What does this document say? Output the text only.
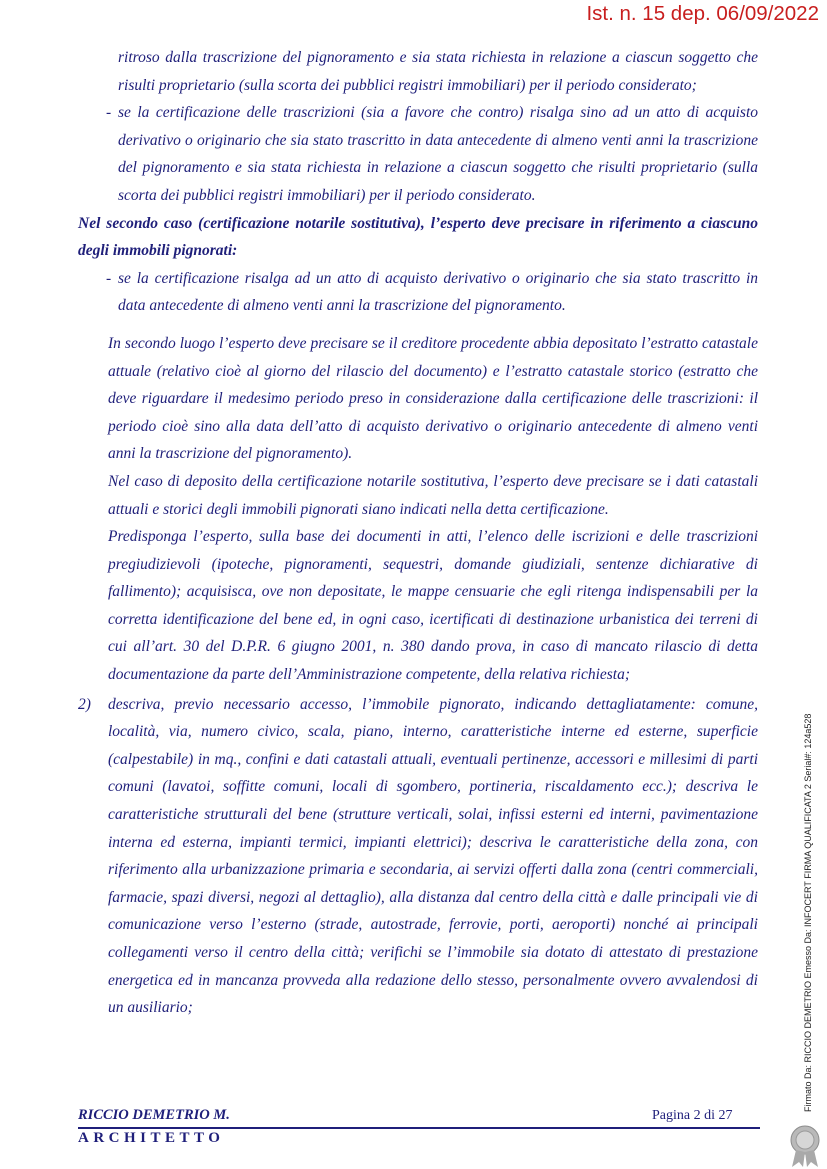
Ist. n. 15 dep. 06/09/2022

ritroso dalla trascrizione del pignoramento e sia stata richiesta in relazione a ciascun soggetto che risulti proprietario (sulla scorta dei pubblici registri immobiliari) per il periodo considerato;

- se la certificazione delle trascrizioni (sia a favore che contro) risalga sino ad un atto di acquisto derivativo o originario che sia stato trascritto in data antecedente di almeno venti anni la trascrizione del pignoramento e sia stata richiesta in relazione a ciascun soggetto che risulti proprietario (sulla scorta dei pubblici registri immobiliari) per il periodo considerato.

Nel secondo caso (certificazione notarile sostitutiva), l’esperto deve precisare in riferimento a ciascuno degli immobili pignorati:

- se la certificazione risalga ad un atto di acquisto derivativo o originario che sia stato trascritto in data antecedente di almeno venti anni la trascrizione del pignoramento.

In secondo luogo l’esperto deve precisare se il creditore procedente abbia depositato l’estratto catastale attuale (relativo cioè al giorno del rilascio del documento) e l’estratto catastale storico (estratto che deve riguardare il medesimo periodo preso in considerazione dalla certificazione delle trascrizioni: il periodo cioè sino alla data dell’atto di acquisto derivativo o originario antecedente di almeno venti anni la trascrizione del pignoramento).

Nel caso di deposito della certificazione notarile sostitutiva, l’esperto deve precisare se i dati catastali attuali e storici degli immobili pignorati siano indicati nella detta certificazione.

Predisponga l’esperto, sulla base dei documenti in atti, l’elenco delle iscrizioni e delle trascrizioni pregiudizievoli (ipoteche, pignoramenti, sequestri, domande giudiziali, sentenze dichiarative di fallimento); acquisisca, ove non depositate, le mappe censuarie che egli ritenga indispensabili per la corretta identificazione del bene ed, in ogni caso, icertificati di destinazione urbanistica dei terreni di cui all’art. 30 del D.P.R. 6 giugno 2001, n. 380 dando prova, in caso di mancato rilascio di detta documentazione da parte dell’Amministrazione competente, della relativa richiesta;

2) descriva, previo necessario accesso, l’immobile pignorato, indicando dettagliatamente: comune, località, via, numero civico, scala, piano, interno, caratteristiche interne ed esterne, superficie (calpestabile) in mq., confini e dati catastali attuali, eventuali pertinenze, accessori e millesimi di parti comuni (lavatoi, soffitte comuni, locali di sgombero, portineria, riscaldamento ecc.); descriva le caratteristiche strutturali del bene (strutture verticali, solai, infissi esterni ed interni, pavimentazione interna ed esterna, impianti termici, impianti elettrici); descriva le caratteristiche della zona, con riferimento alla urbanizzazione primaria e secondaria, ai servizi offerti dalla zona (centri commerciali, farmacie, spazi diversi, negozi al dettaglio), alla distanza dal centro della città e dalle principali vie di comunicazione verso l’esterno (strade, autostrade, ferrovie, porti, aeroporti) nonché ai principali collegamenti verso il centro della città; verifichi se l’immobile sia dotato di attestato di prestazione energetica ed in mancanza provveda alla redazione dello stesso, personalmente ovvero avvalendosi di un ausiliario;

RICCIO DEMETRIO M.	Pagina 2 di 27
ARCHITETTO
Firmato Da: RICCIO DEMETRIO Emesso Da: INFOCERT FIRMA QUALIFICATA 2 Serial#: 124a528
